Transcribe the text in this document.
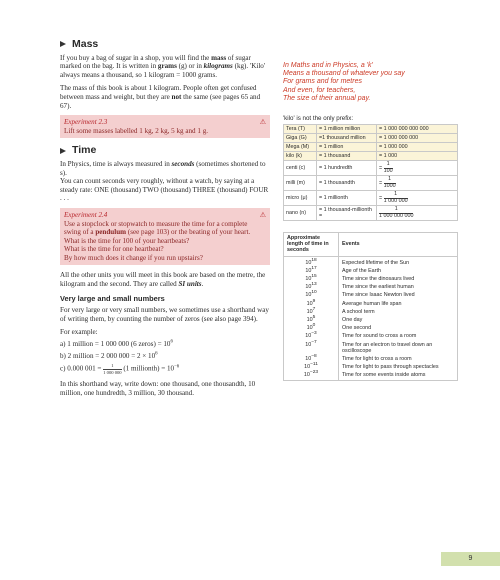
Mass

If you buy a bag of sugar in a shop, you will find the mass of sugar marked on the bag. It is written in grams (g) or in kilograms (kg). 'Kilo' always means a thousand, so 1 kilogram = 1000 grams.

The mass of this book is about 1 kilogram. People often get confused between mass and weight, but they are not the same (see pages 65 and 67).

⚠
Experiment 2.3
Lift some masses labelled 1 kg, 2 kg, 5 kg and 1 g.
Time

In Physics, time is always measured in seconds (sometimes shortened to s).
You can count seconds very roughly, without a watch, by saying at a steady rate: ONE (thousand) TWO (thousand) THREE (thousand) FOUR . . .

⚠
Experiment 2.4
Use a stopclock or stopwatch to measure the time for a complete swing of a pendulum (see page 103) or the beating of your heart.
What is the time for 100 of your heartbeats?
What is the time for one heartbeat?
By how much does it change if you run upstairs?

All the other units you will meet in this book are based on the metre, the kilogram and the second. They are called SI units.

Very large and small numbers

For very large or very small numbers, we sometimes use a shorthand way of writing them, by counting the number of zeros (see also page 394).

For example:

a) 1 million = 1 000 000 (6 zeros) = $10^6$
b) 2 million = 2 000 $000 = 2 \times 10^6$
c) 0.000 $001 = \frac{1}{1 000 000} (1$ millionth) = $10^{-6}$

In this shorthand way, write down: one thousand, one thousandth, 10 million, one hundredth, 3 million, 30 thousand.

In Maths and in Physics, a 'k'
Means a thousand of whatever you say
For grams and for metres
And even, for teachers,
The size of their annual pay.
'kilo' is not the only prefix:
Tera (T)	= 1 million million	= 1 000 000 000 000
Giga (G)	=1 thousand million	= 1 000 000 000
Mega (M)	= 1 million	= 1 000 000
kilo (k)	= 1 thousand	= 1 000
centi (c)	= 1 hundredth	= $\frac{1}{100}$

milli (m)	= 1 thousandth	= $\frac{1}{1000}$

micro (μ)	= 1 millionth	= $\frac{1}{1 000 000}$

nano (n)	= 1 thousand-millionth =	$\frac{1}{1 000 000 000}$
Approximate length of time in seconds	Events
$10^{18}$	Expected lifetime of the Sun
$10^{17}$	Age of the Earth
$10^{15}$	Time since the dinosaurs lived
$10^{13}$	Time since the earliest human
$10^{10}$	Time since Isaac Newton lived
$10^9$	Average human life span
$10^7$	A school term
$10^5$	One day
$10^0$	One second
$10^{-3}$	Time for sound to cross a room
$10^{-7}$	Time for an electron to travel down an oscilloscope
$10^{-8}$	Time for light to cross a room
$10^{-11}$	Time for light to pass through spectacles
$10^{-23}$	Time for some events inside atoms
9
